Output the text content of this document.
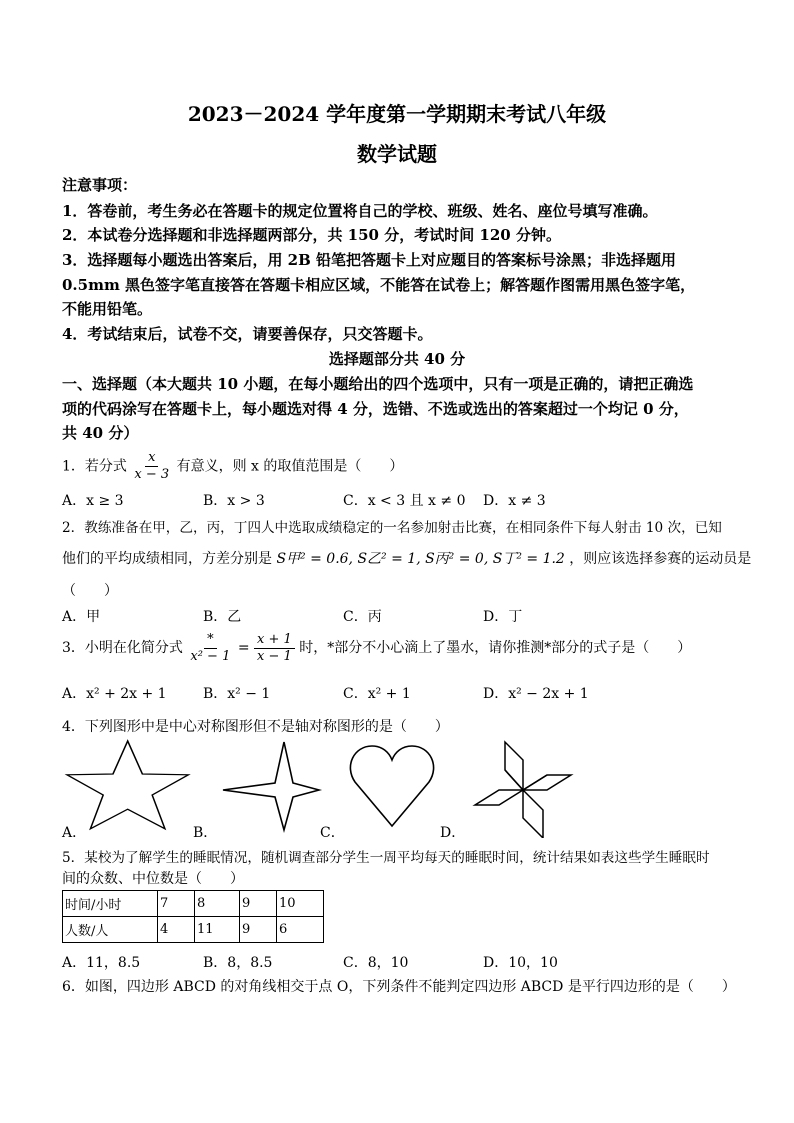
2023－2024 学年度第一学期期末考试八年级
数学试题
注意事项：
1．答卷前，考生务必在答题卡的规定位置将自己的学校、班级、姓名、座位号填写准确。
2．本试卷分选择题和非选择题两部分，共 150 分，考试时间 120 分钟。
3．选择题每小题选出答案后，用 2B 铅笔把答题卡上对应题目的答案标号涂黑；非选择题用
0.5mm 黑色签字笔直接答在答题卡相应区域，不能答在试卷上；解答题作图需用黑色签字笔，
不能用铅笔。
4．考试结束后，试卷不交，请要善保存，只交答题卡。
选择题部分共 40 分
一、选择题（本大题共 10 小题，在每小题给出的四个选项中，只有一项是正确的，请把正确选
项的代码涂写在答题卡上，每小题选对得 4 分，选错、不选或选出的答案超过一个均记 0 分，
共 40 分）
1．若分式 $\frac{x}{x - 3}$ 有意义，则 x 的取值范围是（　　）
A．x ≥ 3	B．x > 3	C．x < 3 且 x ≠ 0 D．x ≠ 3
2．教练准备在甲，乙，丙，丁四人中选取成绩稳定的一名参加射击比赛，在相同条件下每人射击 10 次，已知
他们的平均成绩相同，方差分别是 S甲² = 0.6, S乙² = 1, S丙² = 0, S丁² = 1.2 ，则应该选择参赛的运动员是
（　　）
A．甲	B．乙	C．丙	D．丁
3．小明在化简分式 $\frac{*}{\text{x² − 1}} = \frac{x + 1}{x - 1}$ 时，*部分不小心滴上了墨水，请你推测*部分的式子是（　　）
A．x² + 2x + 1	B．x² − 1	C．x² + 1	D．x² − 2x + 1
4．下列图形中是中心对称图形但不是轴对称图形的是（　　）
A．	B．	C．	D．
5．某校为了解学生的睡眠情况，随机调查部分学生一周平均每天的睡眠时间，统计结果如表这些学生睡眠时
间的众数、中位数是（　　）
时间/小时	7	8	9	10
人数/人	4	11	9	6
A．11，8.5	B．8，8.5	C．8，10	D．10，10
6．如图，四边形 ABCD 的对角线相交于点 O，下列条件不能判定四边形 ABCD 是平行四边形的是（　　）
